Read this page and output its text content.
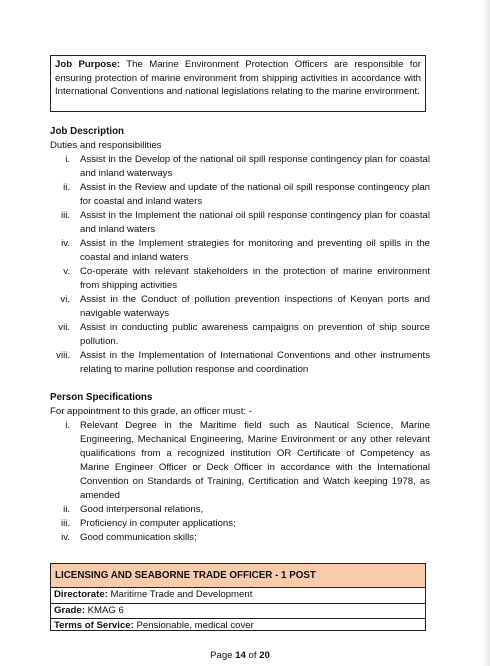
Job Purpose: The Marine Environment Protection Officers are responsible for ensuring protection of marine environment from shipping activities in accordance with International Conventions and national legislations relating to the marine environment.
Job Description
Duties and responsibilities
i. Assist in the Develop of the national oil spill response contingency plan for coastal and inland waterways
ii. Assist in the Review and update of the national oil spill response contingency plan for coastal and inland waters
iii. Assist in the Implement the national oil spill response contingency plan for coastal and inland waters
iv. Assist in the Implement strategies for monitoring and preventing oil spills in the coastal and inland waters
v. Co-operate with relevant stakeholders in the protection of marine environment from shipping activities
vi. Assist in the Conduct of pollution prevention inspections of Kenyan ports and navigable waterways
vii. Assist in conducting public awareness campaigns on prevention of ship source pollution.
viii. Assist in the Implementation of International Conventions and other instruments relating to marine pollution response and coordination
Person Specifications
For appointment to this grade, an officer must: -
i. Relevant Degree in the Maritime field such as Nautical Science, Marine Engineering, Mechanical Engineering, Marine Environment or any other relevant qualifications from a recognized institution OR Certificate of Competency as Marine Engineer Officer or Deck Officer in accordance with the International Convention on Standards of Training, Certification and Watch keeping 1978, as amended
ii. Good interpersonal relations,
iii. Proficiency in computer applications;
iv. Good communication skills;
LICENSING AND SEABORNE TRADE OFFICER - 1 POST
Directorate: Maritime Trade and Development
Grade: KMAG 6
Terms of Service: Pensionable, medical cover
Page 14 of 20
